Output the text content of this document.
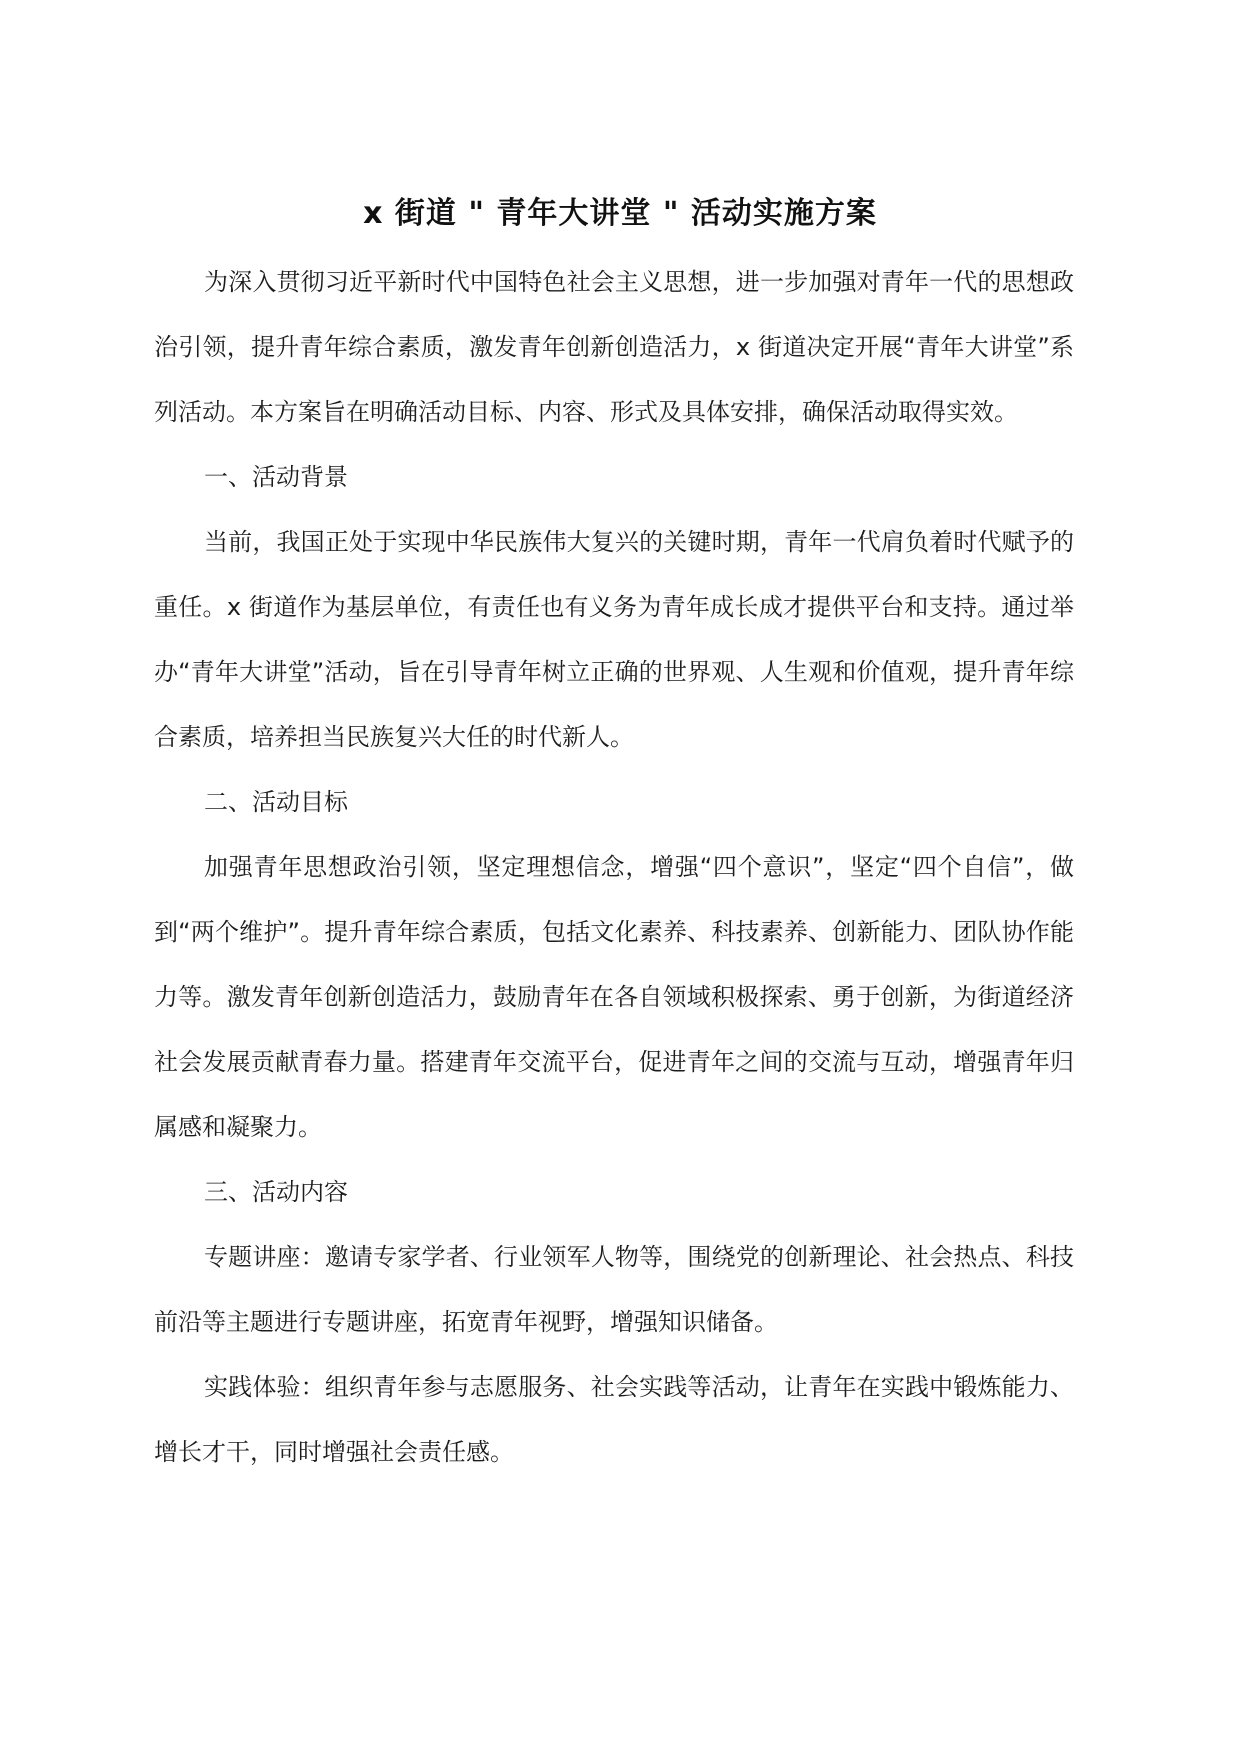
x 街道 " 青年大讲堂 " 活动实施方案

为深入贯彻习近平新时代中国特色社会主义思想，进一步加强对青年一代的思想政治引领，提升青年综合素质，激发青年创新创造活力，x 街道决定开展“青年大讲堂”系列活动。本方案旨在明确活动目标、内容、形式及具体安排，确保活动取得实效。

一、活动背景

当前，我国正处于实现中华民族伟大复兴的关键时期，青年一代肩负着时代赋予的重任。x 街道作为基层单位，有责任也有义务为青年成长成才提供平台和支持。通过举办“青年大讲堂”活动，旨在引导青年树立正确的世界观、人生观和价值观，提升青年综合素质，培养担当民族复兴大任的时代新人。

二、活动目标

加强青年思想政治引领，坚定理想信念，增强“四个意识”，坚定“四个自信”，做到“两个维护”。提升青年综合素质，包括文化素养、科技素养、创新能力、团队协作能力等。激发青年创新创造活力，鼓励青年在各自领域积极探索、勇于创新，为街道经济社会发展贡献青春力量。搭建青年交流平台，促进青年之间的交流与互动，增强青年归属感和凝聚力。

三、活动内容

专题讲座：邀请专家学者、行业领军人物等，围绕党的创新理论、社会热点、科技前沿等主题进行专题讲座，拓宽青年视野，增强知识储备。

实践体验：组织青年参与志愿服务、社会实践等活动，让青年在实践中锻炼能力、增长才干，同时增强社会责任感。
